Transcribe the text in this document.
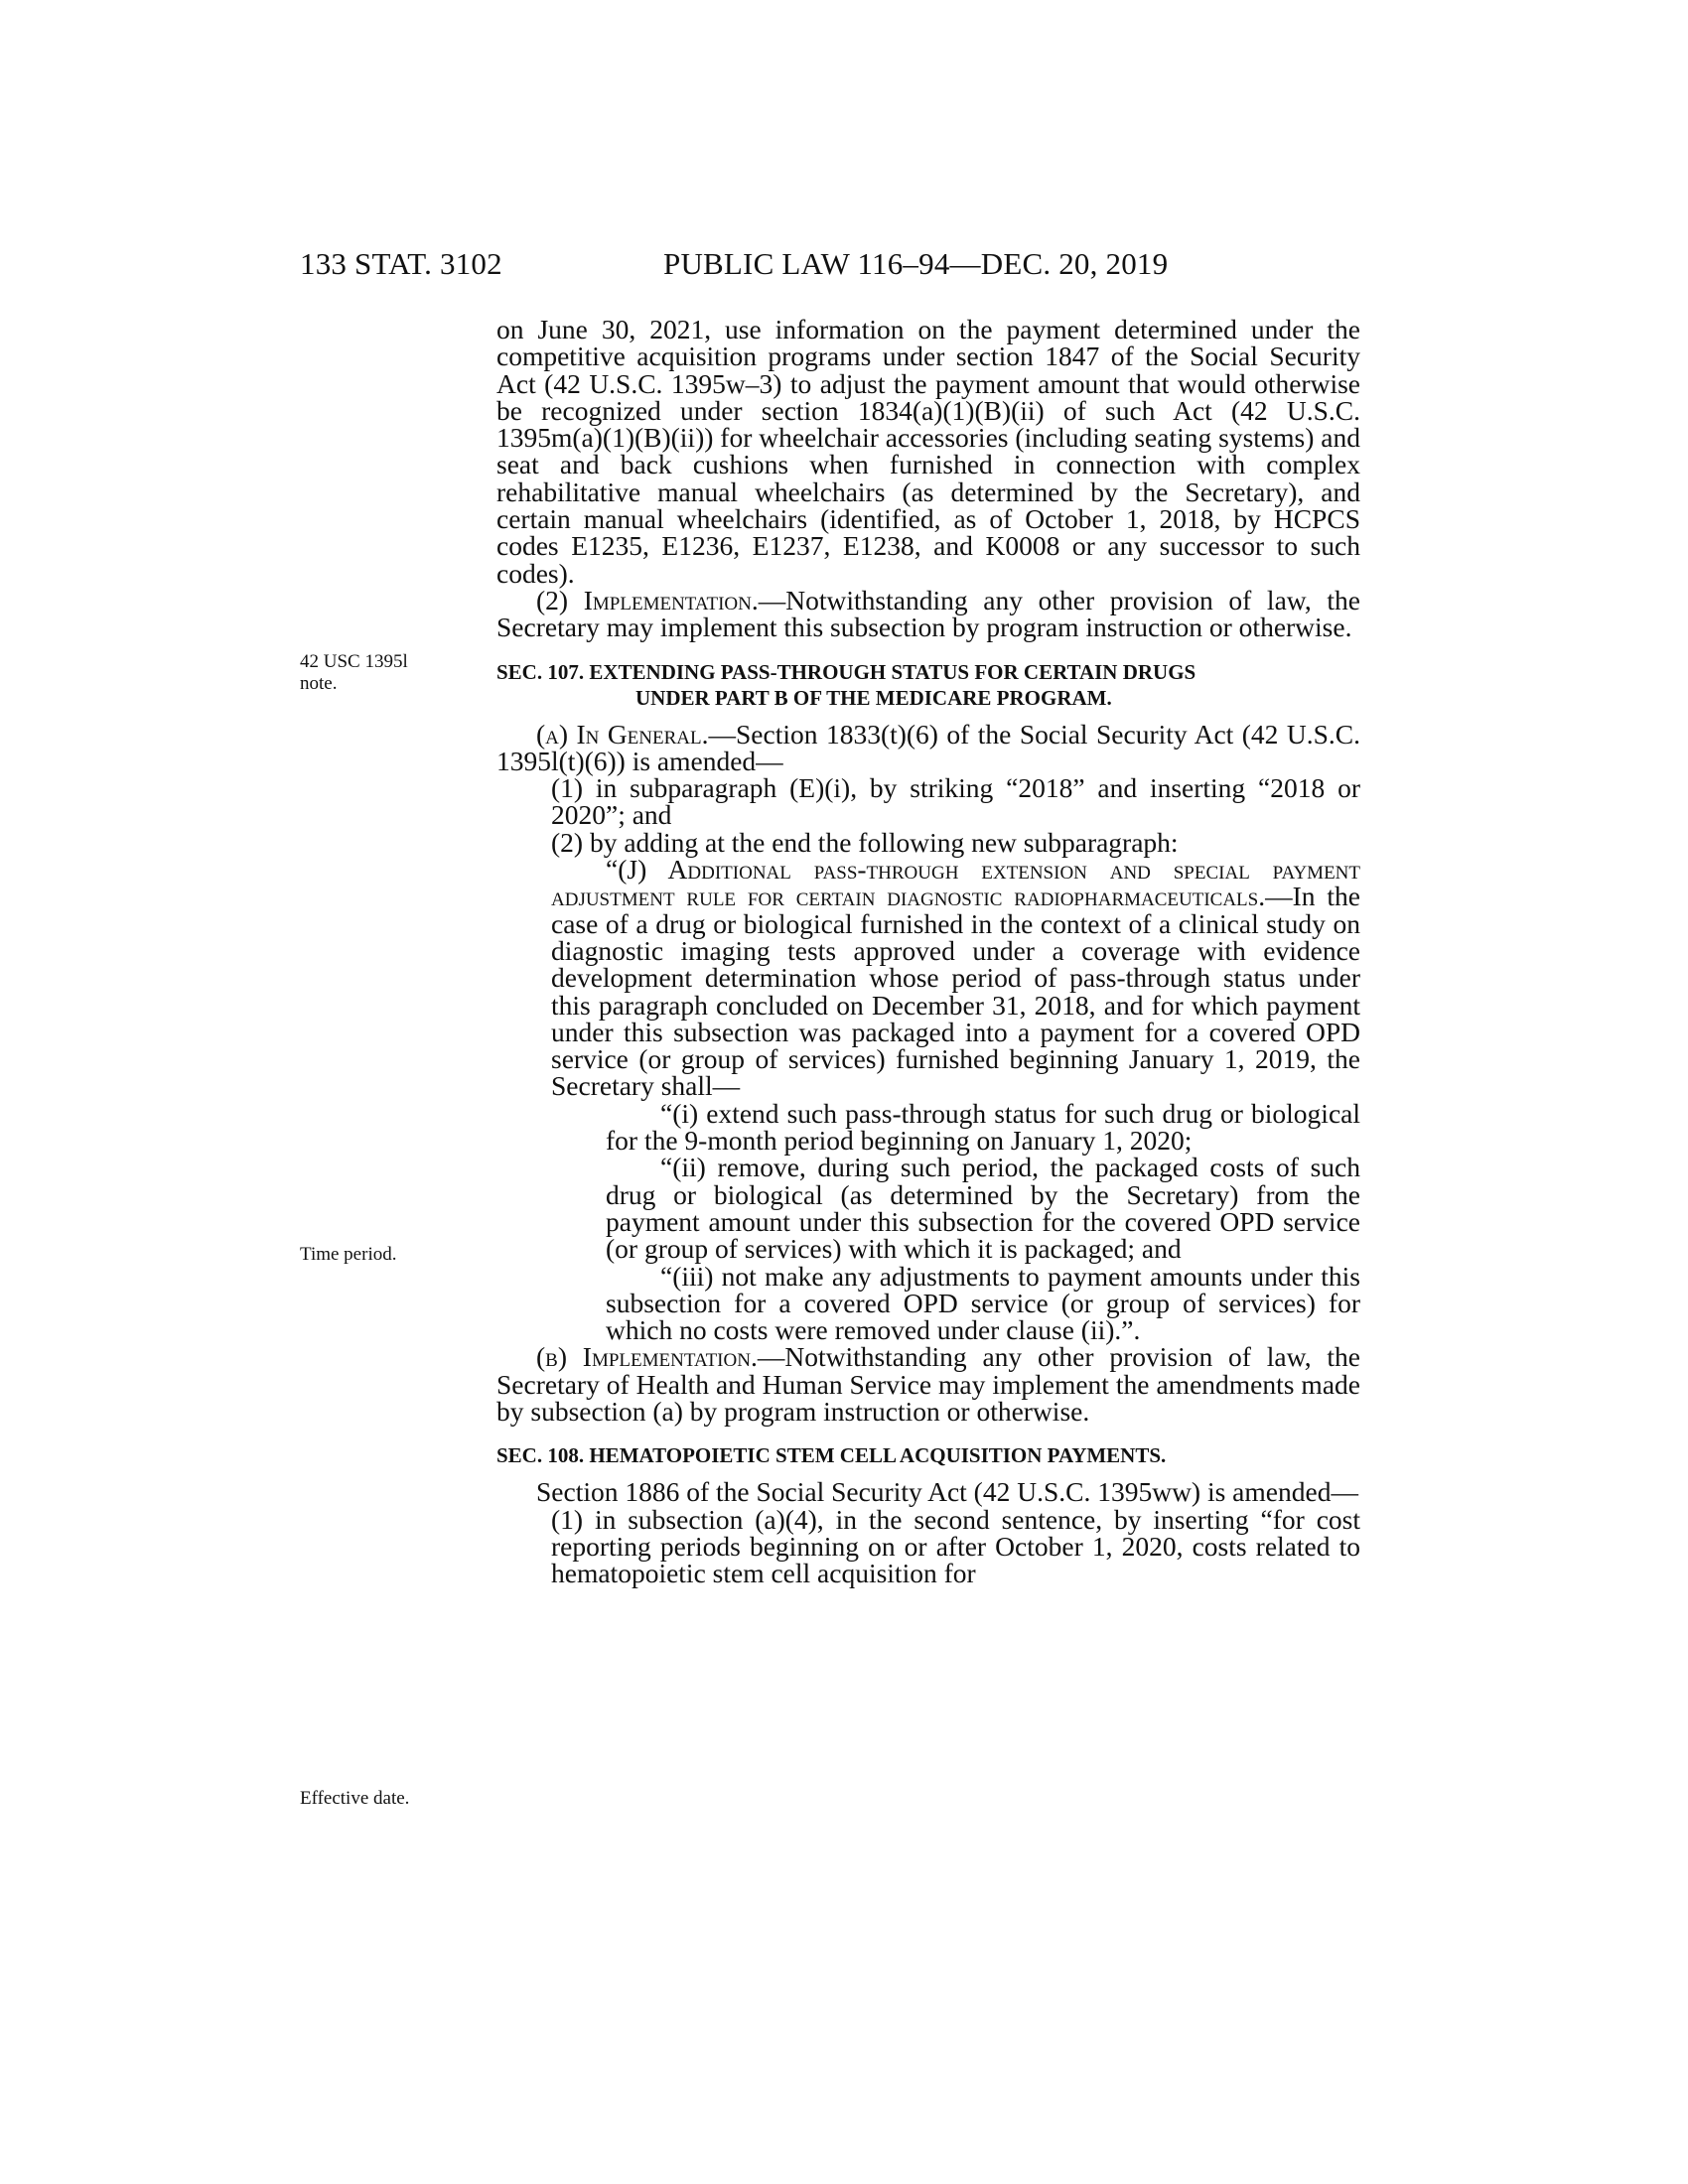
133 STAT. 3102	PUBLIC LAW 116–94—DEC. 20, 2019
42 USC 1395l note.
Time period.
Effective date.

on June 30, 2021, use information on the payment determined under the competitive acquisition programs under section 1847 of the Social Security Act (42 U.S.C. 1395w–3) to adjust the payment amount that would otherwise be recognized under section 1834(a)(1)(B)(ii) of such Act (42 U.S.C. 1395m(a)(1)(B)(ii)) for wheelchair accessories (including seating systems) and seat and back cushions when furnished in connection with complex rehabilitative manual wheelchairs (as determined by the Secretary), and certain manual wheelchairs (identified, as of October 1, 2018, by HCPCS codes E1235, E1236, E1237, E1238, and K0008 or any successor to such codes).

(2) Implementation.—Notwithstanding any other provision of law, the Secretary may implement this subsection by program instruction or otherwise.

SEC. 107. EXTENDING PASS-THROUGH STATUS FOR CERTAIN DRUGS
UNDER PART B OF THE MEDICARE PROGRAM.

(a) In General.—Section 1833(t)(6) of the Social Security Act (42 U.S.C. 1395l(t)(6)) is amended—

(1) in subparagraph (E)(i), by striking “2018” and inserting “2018 or 2020”; and

(2) by adding at the end the following new subparagraph:

“(J) Additional pass-through extension and special payment adjustment rule for certain diagnostic radiopharmaceuticals.—In the case of a drug or biological furnished in the context of a clinical study on diagnostic imaging tests approved under a coverage with evidence development determination whose period of pass-through status under this paragraph concluded on December 31, 2018, and for which payment under this subsection was packaged into a payment for a covered OPD service (or group of services) furnished beginning January 1, 2019, the Secretary shall—

“(i) extend such pass-through status for such drug or biological for the 9-month period beginning on January 1, 2020;

“(ii) remove, during such period, the packaged costs of such drug or biological (as determined by the Secretary) from the payment amount under this subsection for the covered OPD service (or group of services) with which it is packaged; and

“(iii) not make any adjustments to payment amounts under this subsection for a covered OPD service (or group of services) for which no costs were removed under clause (ii).”.

(b) Implementation.—Notwithstanding any other provision of law, the Secretary of Health and Human Service may implement the amendments made by subsection (a) by program instruction or otherwise.

SEC. 108. HEMATOPOIETIC STEM CELL ACQUISITION PAYMENTS.

Section 1886 of the Social Security Act (42 U.S.C. 1395ww) is amended—

(1) in subsection (a)(4), in the second sentence, by inserting “for cost reporting periods beginning on or after October 1, 2020, costs related to hematopoietic stem cell acquisition for
